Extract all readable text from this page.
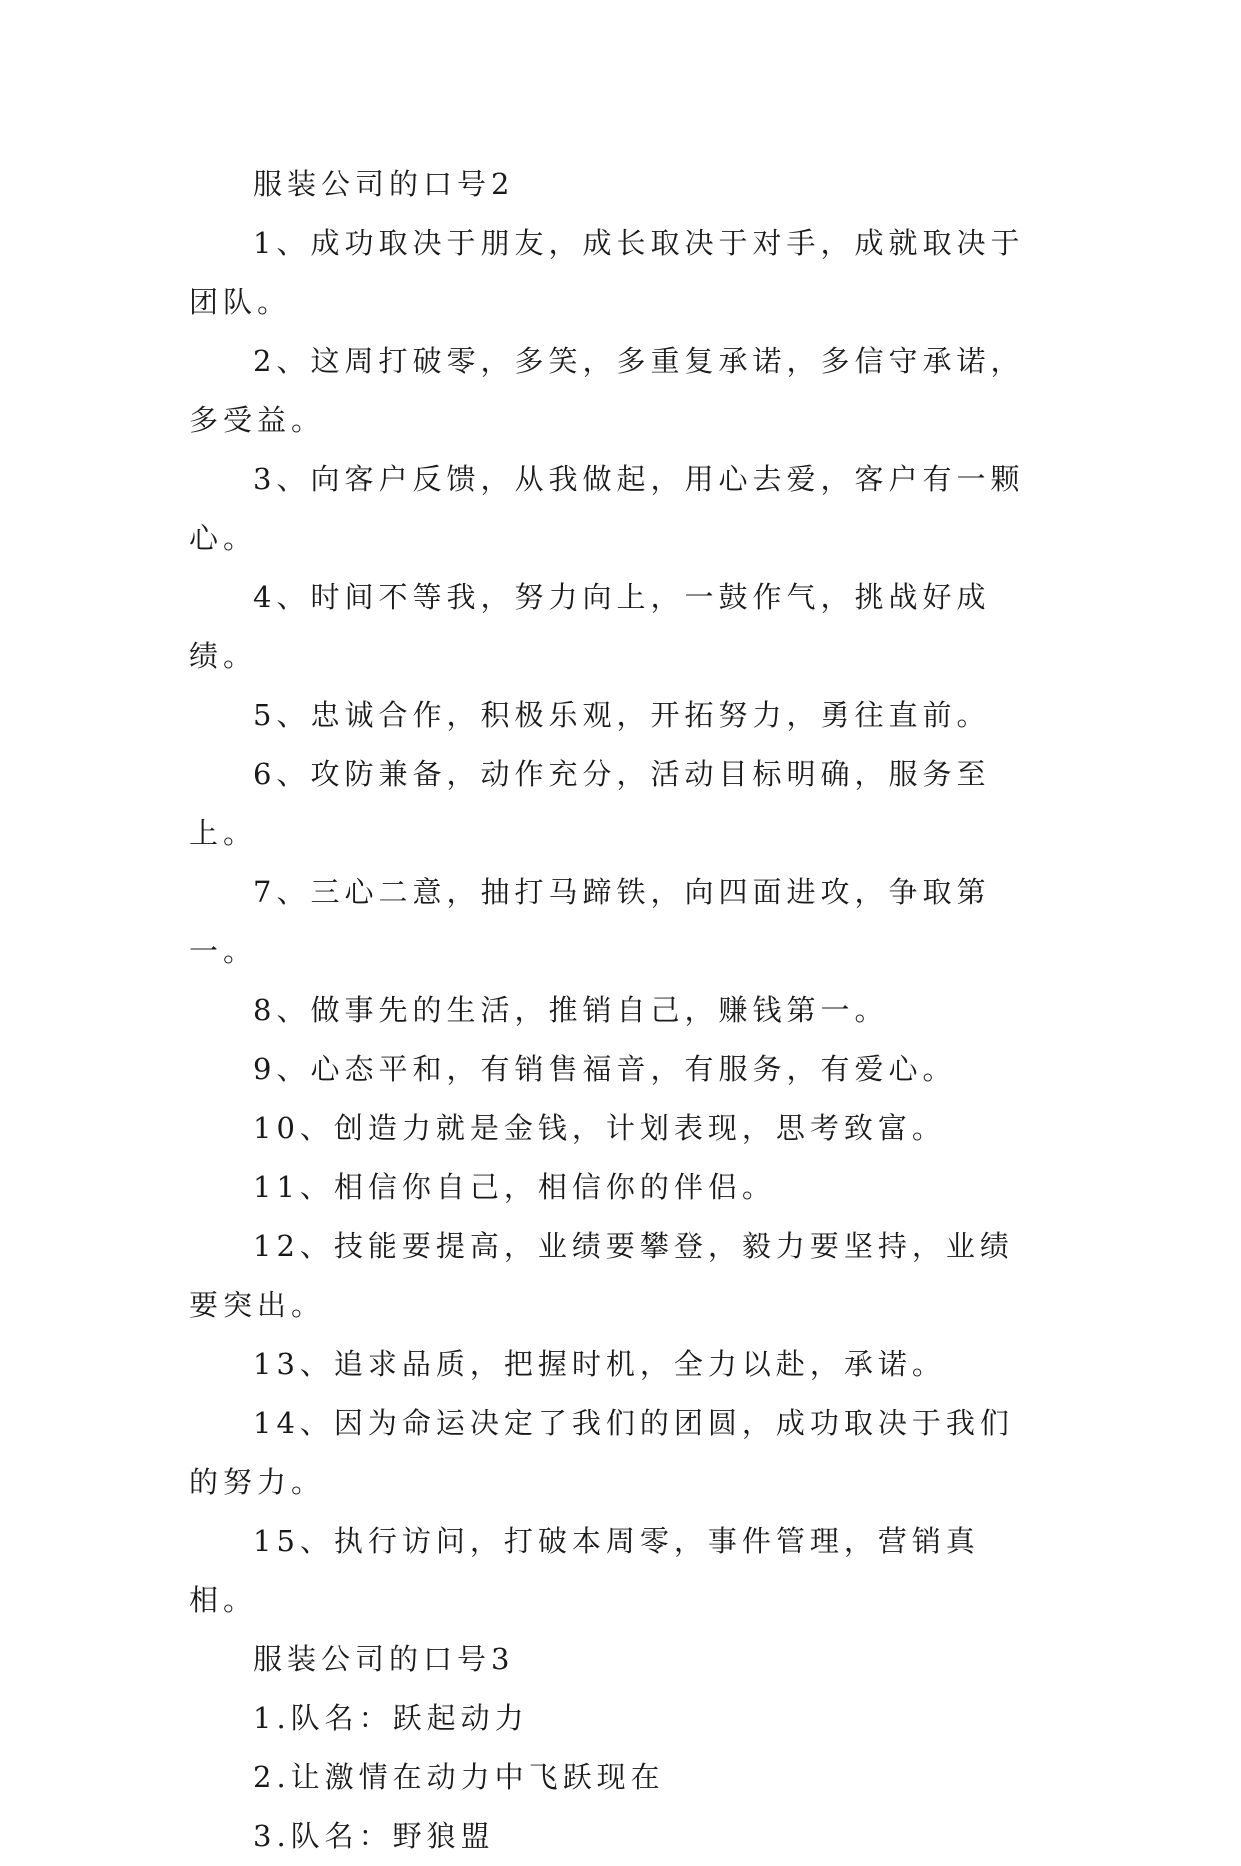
服装公司的口号2

1、成功取决于朋友，成长取决于对手，成就取决于团队。

2、这周打破零，多笑，多重复承诺，多信守承诺，多受益。

3、向客户反馈，从我做起，用心去爱，客户有一颗心。

4、时间不等我，努力向上，一鼓作气，挑战好成绩。

5、忠诚合作，积极乐观，开拓努力，勇往直前。

6、攻防兼备，动作充分，活动目标明确，服务至上。

7、三心二意，抽打马蹄铁，向四面进攻，争取第一。

8、做事先的生活，推销自己，赚钱第一。

9、心态平和，有销售福音，有服务，有爱心。

10、创造力就是金钱，计划表现，思考致富。

11、相信你自己，相信你的伴侣。

12、技能要提高，业绩要攀登，毅力要坚持，业绩要突出。

13、追求品质，把握时机，全力以赴，承诺。

14、因为命运决定了我们的团圆，成功取决于我们的努力。

15、执行访问，打破本周零，事件管理，营销真相。

服装公司的口号3

1.队名：跃起动力

2.让激情在动力中飞跃现在

3.队名：野狼盟
